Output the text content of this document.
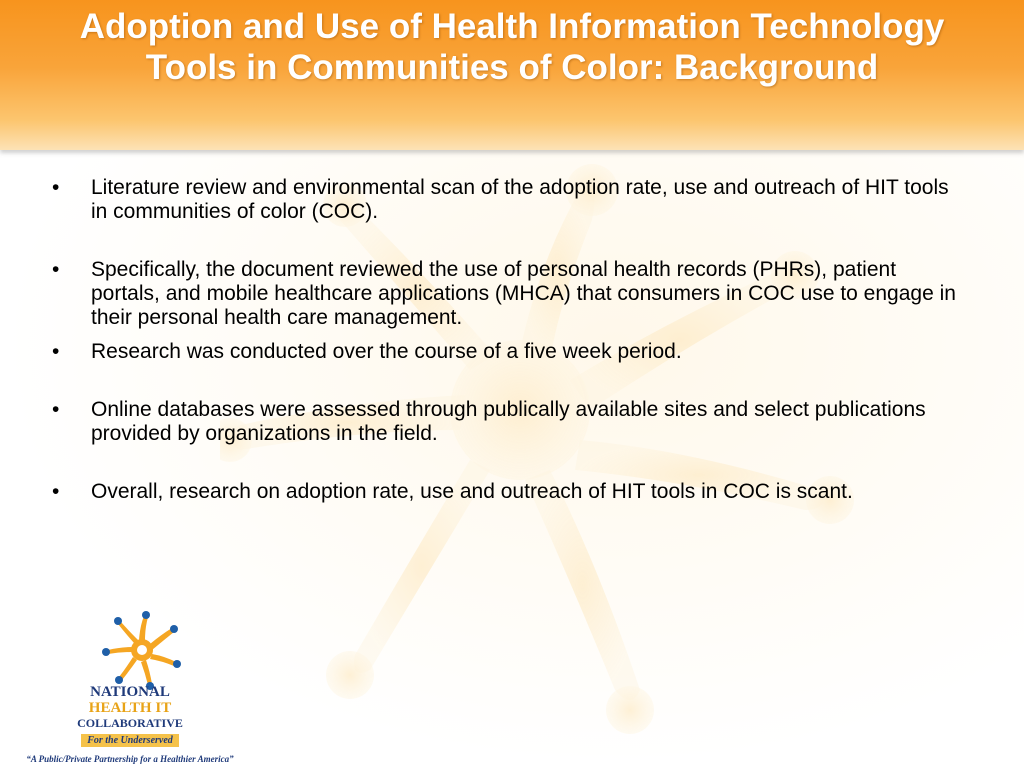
Adoption and Use of Health Information Technology Tools in Communities of Color: Background
•	Literature review and environmental scan of the adoption rate, use and outreach of HIT tools in communities of color (COC).
•	Specifically, the document reviewed the use of personal health records (PHRs), patient portals, and mobile healthcare applications (MHCA) that consumers in COC use to engage in their personal health care management.
•	Research was conducted over the course of a five week period.
•	Online databases were assessed through publically available sites and select publications provided by organizations in the field.
•	Overall, research on adoption rate, use and outreach of HIT tools in COC is scant.
NATIONAL
HEALTH IT
COLLABORATIVE
For the Underserved
“A Public/Private Partnership for a Healthier America”
